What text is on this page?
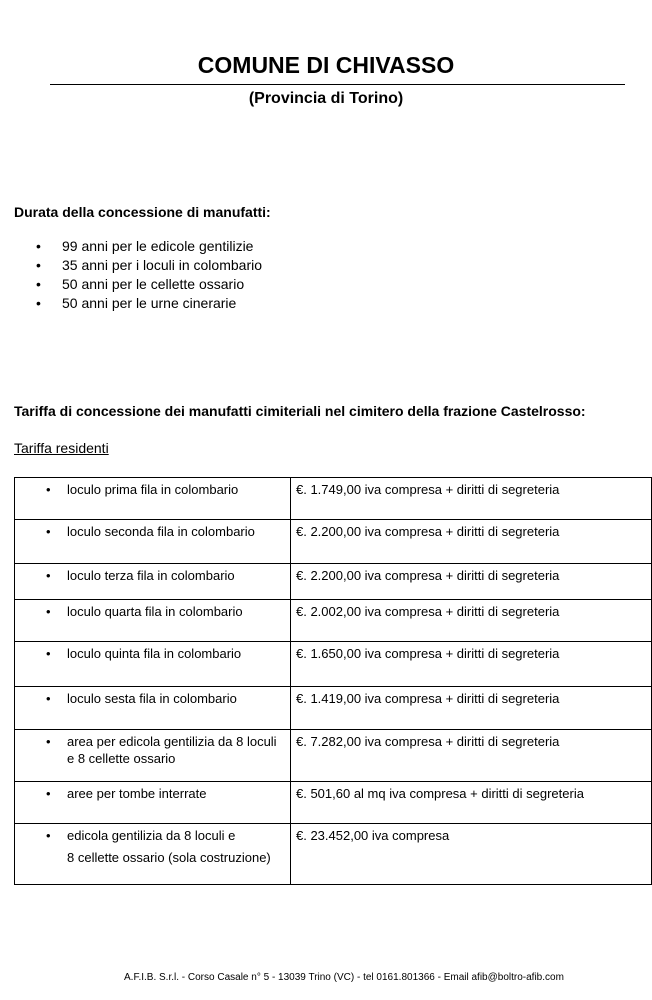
COMUNE DI CHIVASSO
(Provincia di Torino)
Durata della concessione di manufatti:
• 99 anni per le edicole gentilizie
• 35 anni per i loculi in colombario
• 50 anni per le cellette ossario
• 50 anni per le urne cinerarie
Tariffa di concessione dei manufatti cimiteriali nel cimitero della frazione Castelrosso:
Tariffa residenti
• loculo prima fila in colombario	€. 1.749,00 iva compresa + diritti di segreteria

• loculo seconda fila in colombario	€. 2.200,00 iva compresa + diritti di segreteria

• loculo terza fila in colombario	€. 2.200,00 iva compresa + diritti di segreteria

• loculo quarta fila in colombario	€. 2.002,00 iva compresa + diritti di segreteria

• loculo quinta fila in colombario	€. 1.650,00 iva compresa + diritti di segreteria

• loculo sesta fila in colombario	€. 1.419,00 iva compresa + diritti di segreteria

• area per edicola gentilizia da 8 loculi e 8 cellette ossario	€. 7.282,00 iva compresa + diritti di segreteria

• aree per tombe interrate	€. 501,60 al mq iva compresa + diritti di segreteria

• edicola gentilizia da 8 loculi e
8 cellette ossario (sola costruzione)	€. 23.452,00 iva compresa
A.F.I.B. S.r.l. - Corso Casale n° 5 - 13039 Trino (VC) - tel 0161.801366 - Email afib@boltro-afib.com
